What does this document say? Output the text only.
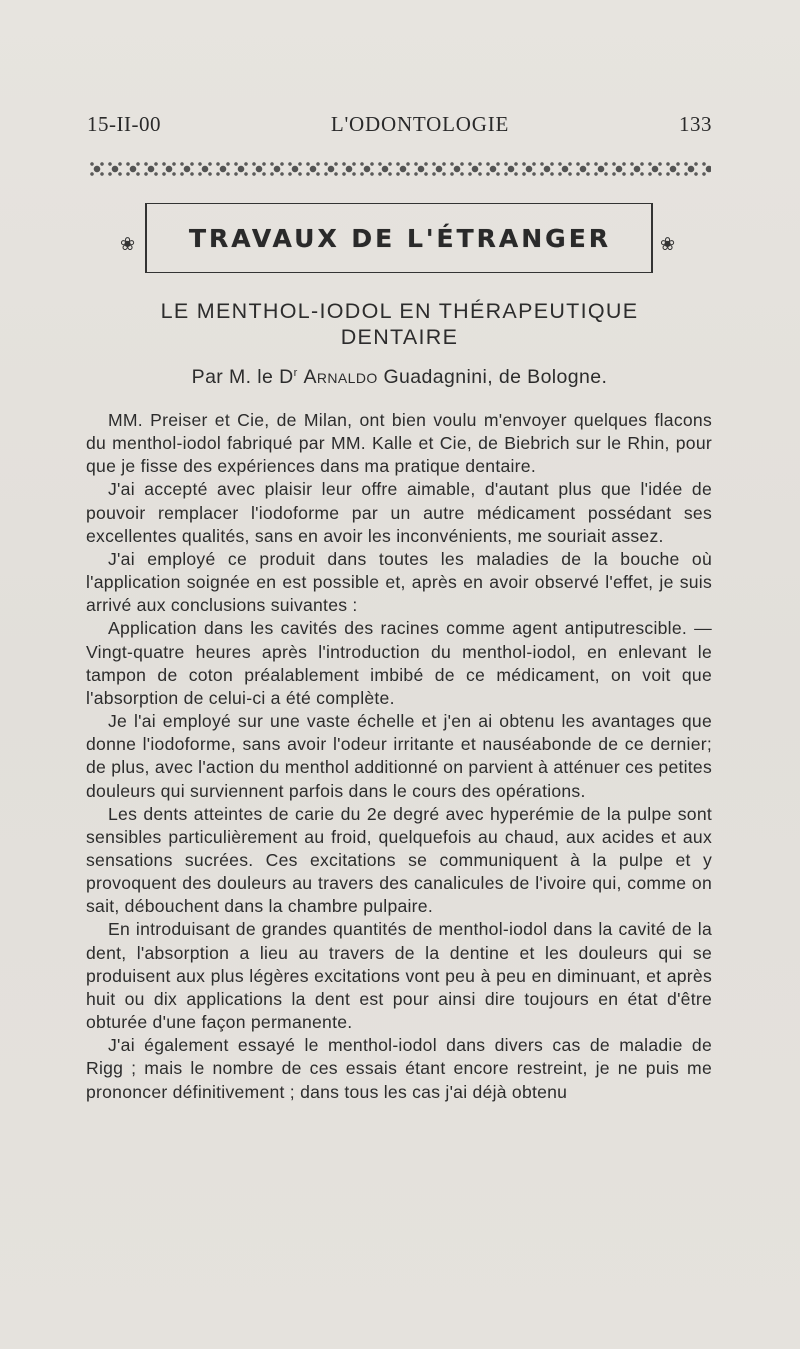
15-II-00	L'ODONTOLOGIE	133
❀	TRAVAUX DE L'ÉTRANGER	❀
LE MENTHOL-IODOL EN THÉRAPEUTIQUE
DENTAIRE
Par M. le $D^r$ Arnaldo Guadagnini, de Bologne.

MM. Preiser et Cie, de Milan, ont bien voulu m'envoyer quelques flacons du menthol-iodol fabriqué par MM. Kalle et Cie, de Biebrich sur le Rhin, pour que je fisse des expériences dans ma pratique dentaire.

J'ai accepté avec plaisir leur offre aimable, d'autant plus que l'idée de pouvoir remplacer l'iodoforme par un autre médicament possédant ses excellentes qualités, sans en avoir les inconvénients, me souriait assez.

J'ai employé ce produit dans toutes les maladies de la bouche où l'application soignée en est possible et, après en avoir observé l'effet, je suis arrivé aux conclusions suivantes :

Application dans les cavités des racines comme agent antiputrescible. — Vingt-quatre heures après l'introduction du menthol-iodol, en enlevant le tampon de coton préalablement imbibé de ce médicament, on voit que l'absorption de celui-ci a été complète.

Je l'ai employé sur une vaste échelle et j'en ai obtenu les avantages que donne l'iodoforme, sans avoir l'odeur irritante et nauséabonde de ce dernier; de plus, avec l'action du menthol additionné on parvient à atténuer ces petites douleurs qui surviennent parfois dans le cours des opérations.

Les dents atteintes de carie du 2e degré avec hyperémie de la pulpe sont sensibles particulièrement au froid, quelquefois au chaud, aux acides et aux sensations sucrées. Ces excitations se communiquent à la pulpe et y provoquent des douleurs au travers des canalicules de l'ivoire qui, comme on sait, débouchent dans la chambre pulpaire.

En introduisant de grandes quantités de menthol-iodol dans la cavité de la dent, l'absorption a lieu au travers de la dentine et les douleurs qui se produisent aux plus légères excitations vont peu à peu en diminuant, et après huit ou dix applications la dent est pour ainsi dire toujours en état d'être obturée d'une façon permanente.

J'ai également essayé le menthol-iodol dans divers cas de maladie de Rigg ; mais le nombre de ces essais étant encore restreint, je ne puis me prononcer définitivement ; dans tous les cas j'ai déjà obtenu
